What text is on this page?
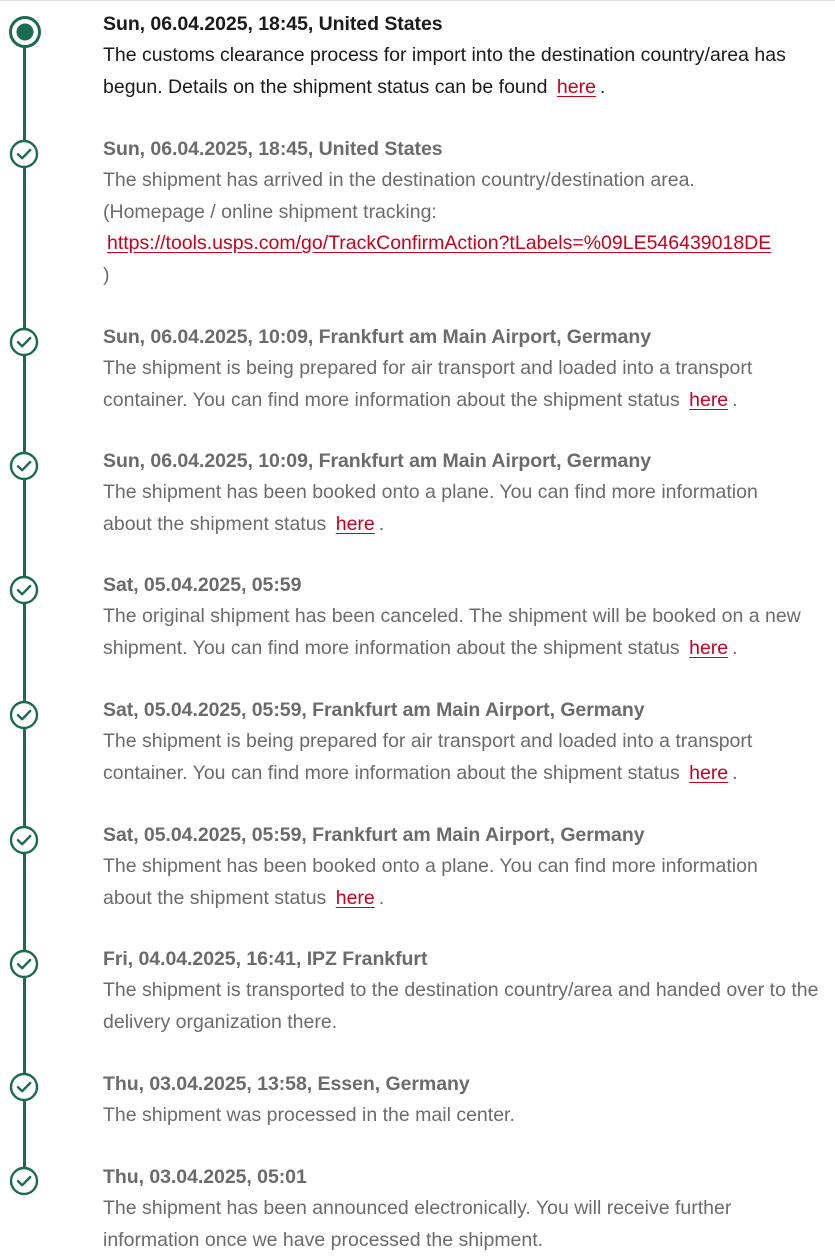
Sun, 06.04.2025, 18:45, United States
The customs clearance process for import into the destination country/area has begun. Details on the shipment status can be found here .
Sun, 06.04.2025, 18:45, United States
The shipment has arrived in the destination country/destination area.
(Homepage / online shipment tracking:
https://tools.usps.com/go/TrackConfirmAction?tLabels=%09LE546439018DE
)
Sun, 06.04.2025, 10:09, Frankfurt am Main Airport, Germany
The shipment is being prepared for air transport and loaded into a transport container. You can find more information about the shipment status here .
Sun, 06.04.2025, 10:09, Frankfurt am Main Airport, Germany
The shipment has been booked onto a plane. You can find more information about the shipment status here .
Sat, 05.04.2025, 05:59
The original shipment has been canceled. The shipment will be booked on a new shipment. You can find more information about the shipment status here .
Sat, 05.04.2025, 05:59, Frankfurt am Main Airport, Germany
The shipment is being prepared for air transport and loaded into a transport container. You can find more information about the shipment status here .
Sat, 05.04.2025, 05:59, Frankfurt am Main Airport, Germany
The shipment has been booked onto a plane. You can find more information about the shipment status here .
Fri, 04.04.2025, 16:41, IPZ Frankfurt
The shipment is transported to the destination country/area and handed over to the delivery organization there.
Thu, 03.04.2025, 13:58, Essen, Germany
The shipment was processed in the mail center.
Thu, 03.04.2025, 05:01
The shipment has been announced electronically. You will receive further information once we have processed the shipment.
